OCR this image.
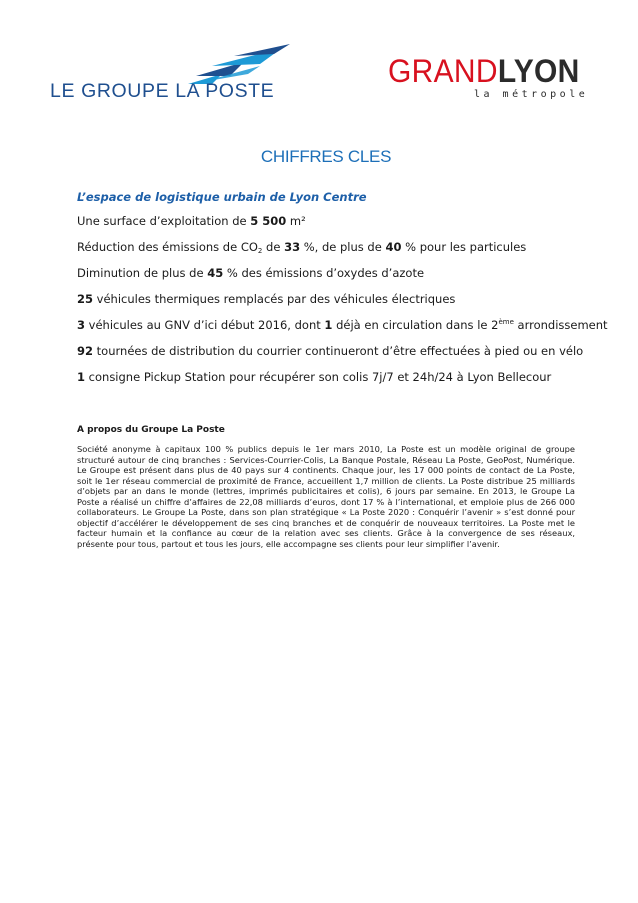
LE GROUPE LA POSTE
GRANDLYON
la métropole
CHIFFRES CLES
L’espace de logistique urbain de Lyon Centre
Une surface d’exploitation de 5 500 m²
Réduction des émissions de $CO_2$ de 33 %, de plus de 40 % pour les particules
Diminution de plus de 45 % des émissions d’oxydes d’azote
25 véhicules thermiques remplacés par des véhicules électriques
3 véhicules au GNV d’ici début 2016, dont 1 déjà en circulation dans le 2ème arrondissement
92 tournées de distribution du courrier continueront d’être effectuées à pied ou en vélo
1 consigne Pickup Station pour récupérer son colis 7j/7 et 24h/24 à Lyon Bellecour
A propos du Groupe La Poste
Société anonyme à capitaux 100 % publics depuis le 1er mars 2010, La Poste est un modèle original de groupe structuré autour de cinq branches : Services-Courrier-Colis, La Banque Postale, Réseau La Poste, GeoPost, Numérique. Le Groupe est présent dans plus de 40 pays sur 4 continents. Chaque jour, les 17 000 points de contact de La Poste, soit le 1er réseau commercial de proximité de France, accueillent 1,7 million de clients. La Poste distribue 25 milliards d’objets par an dans le monde (lettres, imprimés publicitaires et colis), 6 jours par semaine. En 2013, le Groupe La Poste a réalisé un chiffre d’affaires de 22,08 milliards d’euros, dont 17 % à l’international, et emploie plus de 266 000 collaborateurs. Le Groupe La Poste, dans son plan stratégique « La Poste 2020 : Conquérir l’avenir » s’est donné pour objectif d’accélérer le développement de ses cinq branches et de conquérir de nouveaux territoires. La Poste met le facteur humain et la confiance au cœur de la relation avec ses clients. Grâce à la convergence de ses réseaux, présente pour tous, partout et tous les jours, elle accompagne ses clients pour leur simplifier l’avenir.
